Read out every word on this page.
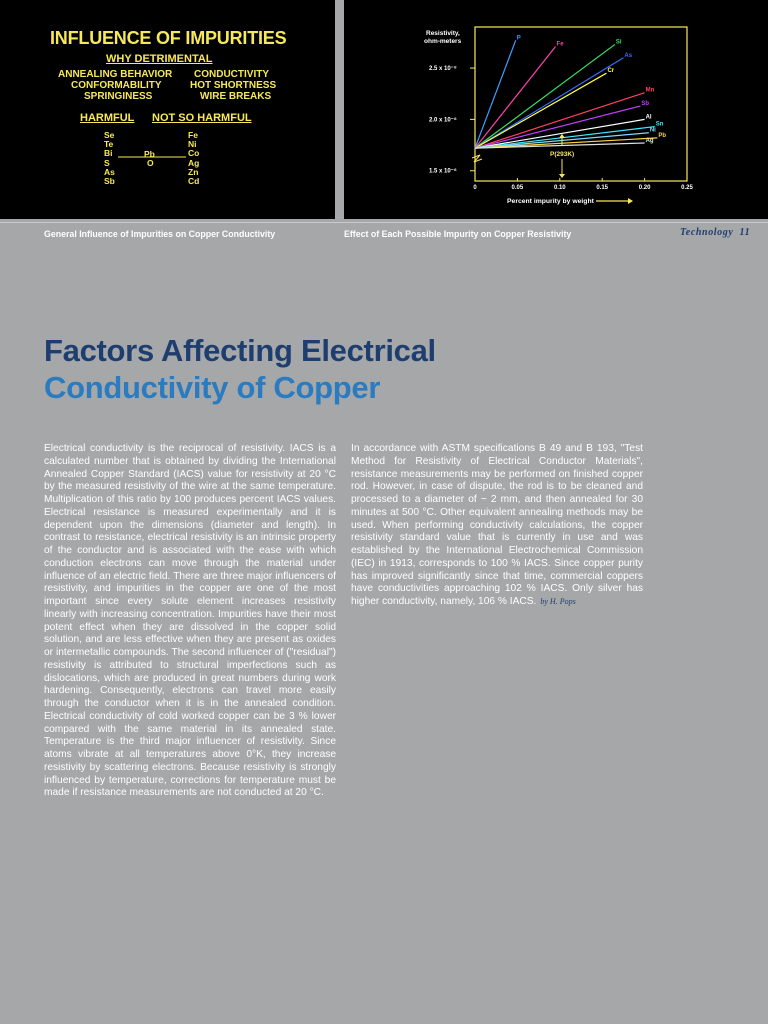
INFLUENCE OF IMPURITIES
WHY DETRIMENTAL
ANNEALING BEHAVIOR CONDUCTIVITY
CONFORMABILITY	HOT SHORTNESS
SPRINGINESS	WIRE BREAKS
HARMFUL NOT SO HARMFUL
Se
Te
Bi
S
As
Sb
Pb
O
Fe
Ni
Co
Ag
Zn
Cd
Resistivity,
ohm-meters
1.5 x 10⁻⁸
2.0 x 10⁻⁸
2.5 x 10⁻⁸
0	0.05	0.10	0.15	0.20	0.25
P
Fe	Si
As
Cr
Mn
Sb
Al
Sn
Ni
Pb
Ag
P(293K)
Percent impurity by weight
General Influence of Impurities on Copper Conductivity	Effect of Each Possible Impurity on Copper Resistivity	Technology 11
Factors Affecting Electrical
Conductivity of Copper
Electrical conductivity is the reciprocal of resistivity. IACS is a calculated number that is obtained by dividing the International Annealed Copper Standard (IACS) value for resistivity at 20 °C by the measured resistivity of the wire at the same temperature. Multiplication of this ratio by 100 produces percent IACS values. Electrical resistance is measured experimentally and it is dependent upon the dimensions (diameter and length). In contrast to resistance, electrical resistivity is an intrinsic property of the conductor and is associated with the ease with which conduction electrons can move through the material under influence of an electric field. There are three major influencers of resistivity, and impurities in the copper are one of the most important since every solute element increases resistivity linearly with increasing concentration. Impurities have their most potent effect when they are dissolved in the copper solid solution, and are less effective when they are present as oxides or intermetallic compounds. The second influencer of ("residual") resistivity is attributed to structural imperfections such as dislocations, which are produced in great numbers during work hardening. Consequently, electrons can travel more easily through the conductor when it is in the annealed condition. Electrical conductivity of cold worked copper can be 3 % lower compared with the same material in its annealed state. Temperature is the third major influencer of resistivity. Since atoms vibrate at all temperatures above 0°K, they increase resistivity by scattering electrons. Because resistivity is strongly influenced by temperature, corrections for temperature must be made if resistance measurements are not conducted at 20 °C.
In accordance with ASTM specifications B 49 and B 193, "Test Method for Resistivity of Electrical Conductor Materials", resistance measurements may be performed on finished copper rod. However, in case of dispute, the rod is to be cleaned and processed to a diameter of ~ 2 mm, and then annealed for 30 minutes at 500 °C. Other equivalent annealing methods may be used. When performing conductivity calculations, the copper resistivity standard value that is currently in use and was established by the International Electrochemical Commission (IEC) in 1913, corresponds to 100 % IACS. Since copper purity has improved significantly since that time, commercial coppers have conductivities approaching 102 % IACS. Only silver has higher conductivity, namely, 106 % IACS. by H. Pops
